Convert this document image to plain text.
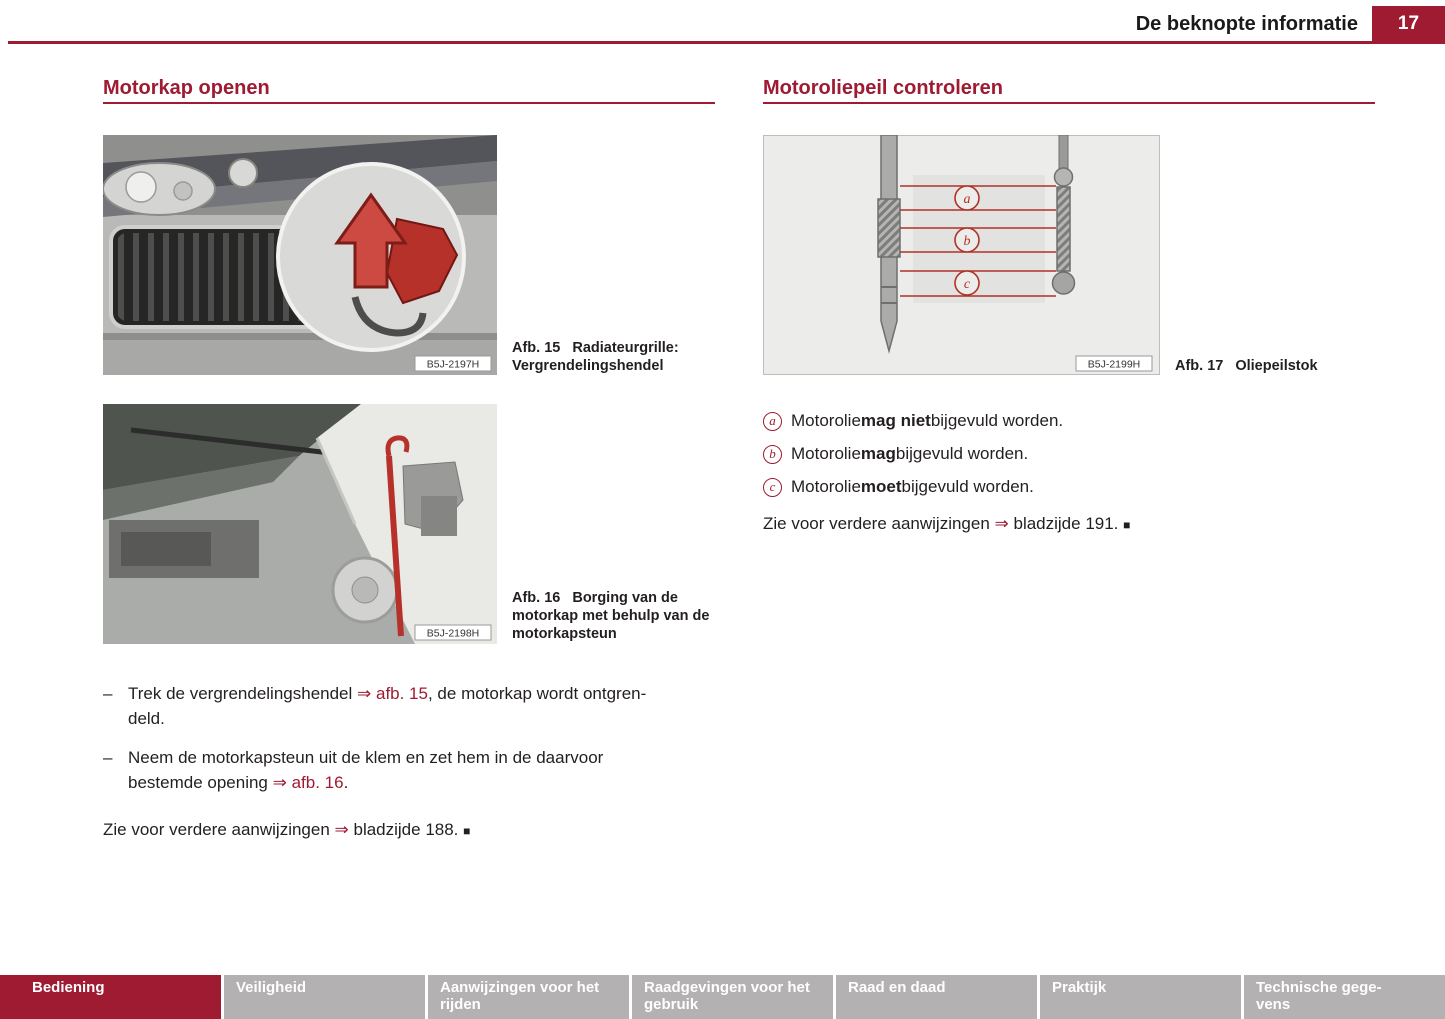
De beknopte informatie 17
Motorkap openen
B5J-2197H
Afb. 15 Radiateurgrille: Vergrendelingshendel
B5J-2198H
Afb. 16 Borging van de motorkap met behulp van de motorkapsteun
– Trek de vergrendelingshendel ⇒ afb. 15, de motorkap wordt ontgren-
deld.
– Neem de motorkapsteun uit de klem en zet hem in de daarvoor
bestemde opening ⇒ afb. 16.
Zie voor verdere aanwijzingen ⇒ bladzijde 188. ■
Motoroliepeil controleren
a
b
c
B5J-2199H Afb. 17 Oliepeilstok
a Motorolie mag niet bijgevuld worden.
b Motorolie mag bijgevuld worden.
c Motorolie moet bijgevuld worden.
Zie voor verdere aanwijzingen ⇒ bladzijde 191. ■
Bediening	Veiligheid	Aanwijzingen voor het
rijden
Raadgevingen voor het
gebruik
Raad en daad	Praktijk	Technische gege-
vens
